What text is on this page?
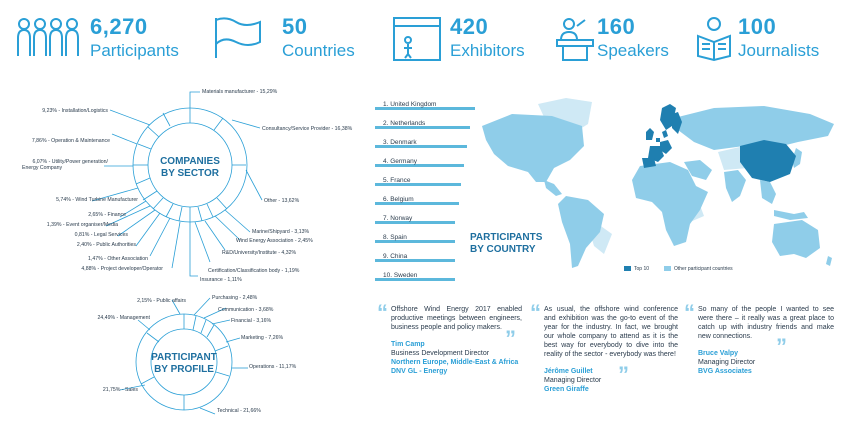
6,270
Participants
50
Countries
420
Exhibitors
160
Speakers
100
Journalists
COMPANIES
BY SECTOR
Materials manufacturer - 15,29%
Consultancy/Service Provider - 16,38%
Other - 13,62%
Marine/Shipyard - 3,13%
Wind Energy Association - 2,45%
R&D/University/Institute - 4,32%
Certification/Classification body - 1,19%
Insurance - 1,11%
4,88% - Project developer/Operator
1,47% - Other Association
2,40% - Public Authorities
0,81% - Legal Services
1,39% - Event organiser/Media
2,65% - Finance
5,74% - Wind Turbine Manufacturer
6,07% - Utility/Power generation/
Energy Company
7,86% - Operation & Maintenance
9,23% - Installation/Logistics
PARTICIPANT
BY PROFILE
2,15% - Public affairs	Purchasing - 2,48%
Communication - 3,68%
Financial - 3,16%
24,49% - Management
Marketing - 7,26%
Operations - 11,17%
21,75% - Sales
Technical - 21,66%
1. United Kingdom
2. Netherlands
3. Denmark
4. Germany
5. France
6. Belgium
7. Norway
8. Spain
9. China
10. Sweden
PARTICIPANTS
BY COUNTRY
Top 10	Other participant countries
“ Offshore Wind Energy 2017 enabled productive meetings between engineers, business people and policy makers.
Tim Camp
Business Development Director
Northern Europe, Middle-East & Africa
DNV GL - Energy
”
“ As usual, the offshore wind conference and exhibition was the go-to event of the year for the industry. In fact, we brought our whole company to attend as it is the best way for everybody to dive into the reality of the sector - everybody was there!
Jérôme Guillet
Managing Director
Green Giraffe
”
“ So many of the people I wanted to see were there – it really was a great place to catch up with industry friends and make new connections.
Bruce Valpy
Managing Director
BVG Associates
”
